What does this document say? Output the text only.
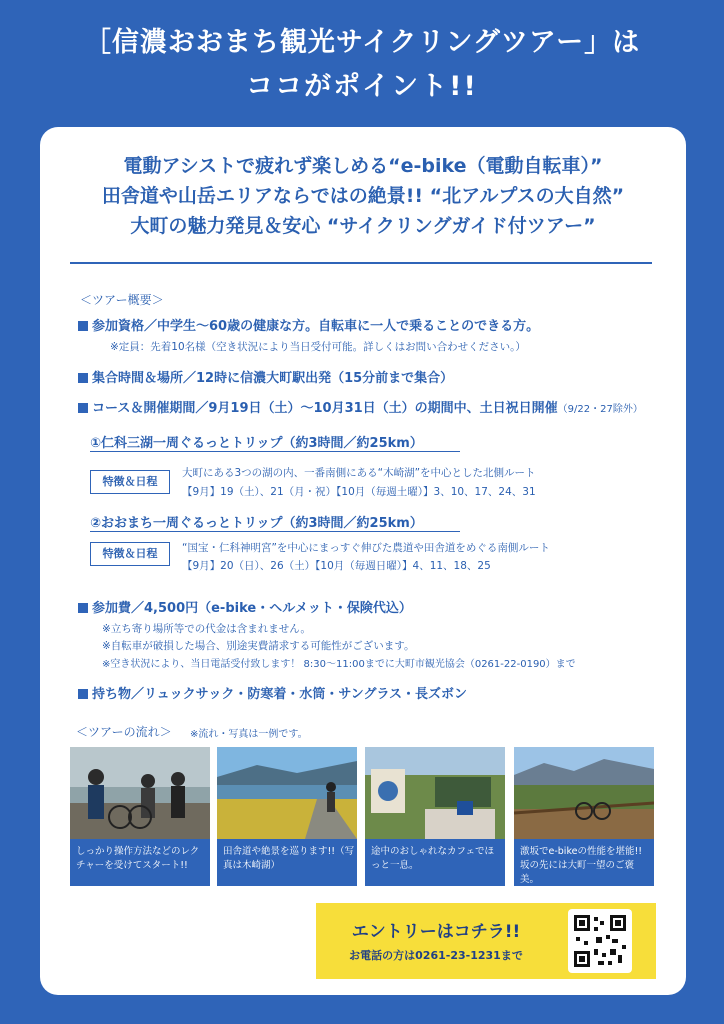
［信濃おおまち観光サイクリングツアー」は
ココがポイント!!
電動アシストで疲れず楽しめる“e-bike（電動自転車）”
田舎道や山岳エリアならではの絶景!! “北アルプスの大自然”
大町の魅力発見＆安心 “サイクリングガイド付ツアー”
＜ツアー概要＞
参加資格／中学生〜60歳の健康な方。自転車に一人で乗ることのできる方。
※定員：先着10名様（空き状況により当日受付可能。詳しくはお問い合わせください。）
集合時間＆場所／12時に信濃大町駅出発（15分前まで集合）
コース＆開催期間／9月19日（土）〜10月31日（土）の期間中、土日祝日開催（9/22・27除外）
①仁科三湖一周ぐるっとトリップ（約3時間／約25km）
特徴＆日程
大町にある3つの湖の内、一番南側にある“木崎湖”を中心とした北側ルート
【9月】19（土）、21（月・祝）【10月（毎週土曜）】3、10、17、24、31
②おおまち一周ぐるっとトリップ（約3時間／約25km）
特徴＆日程	“国宝・仁科神明宮”を中心にまっすぐ伸びた農道や田舎道をめぐる南側ルート
【9月】20（日）、26（土）【10月（毎週日曜）】4、11、18、25
参加費／4,500円（e-bike・ヘルメット・保険代込）
※立ち寄り場所等での代金は含まれません。
※自転車が破損した場合、別途実費請求する可能性がございます。
※空き状況により、当日電話受付致します！ 8:30〜11:00までに大町市観光協会（0261-22-0190）まで
持ち物／リュックサック・防寒着・水筒・サングラス・長ズボン
＜ツアーの流れ＞ ※流れ・写真は一例です。
しっかり操作方法などのレクチャーを受けてスタート!!
田舎道や絶景を巡ります!!（写真は木崎湖）
途中のおしゃれなカフェでほっと一息。
激坂でe-bikeの性能を堪能!! 坂の先には大町一望のご褒美。
エントリーはコチラ!!
お電話の方は0261-23-1231まで
